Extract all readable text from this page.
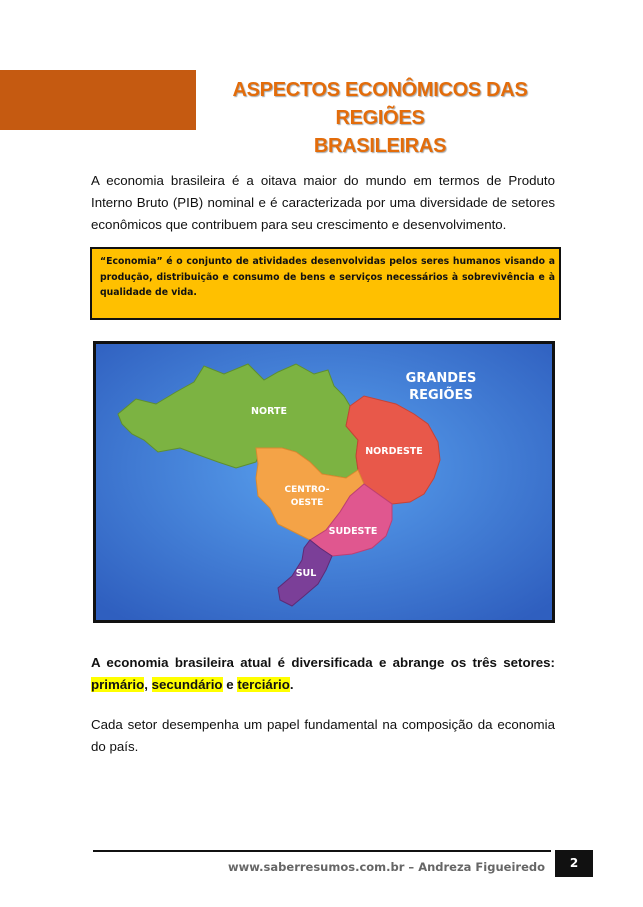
ASPECTOS ECONÔMICOS DAS REGIÕES
BRASILEIRAS

A economia brasileira é a oitava maior do mundo em termos de Produto Interno Bruto (PIB) nominal e é caracterizada por uma diversidade de setores econômicos que contribuem para seu crescimento e desenvolvimento.

“Economia” é o conjunto de atividades desenvolvidas pelos seres humanos visando a produção, distribuição e consumo de bens e serviços necessários à sobrevivência e à qualidade de vida.
GRANDES
REGIÕES
NORTE
NORDESTE
CENTRO-
OESTE
SUDESTE
SUL

A economia brasileira atual é diversificada e abrange os três setores: primário, secundário e terciário.

Cada setor desempenha um papel fundamental na composição da economia do país.

www.saberresumos.com.br – Andreza Figueiredo	2
